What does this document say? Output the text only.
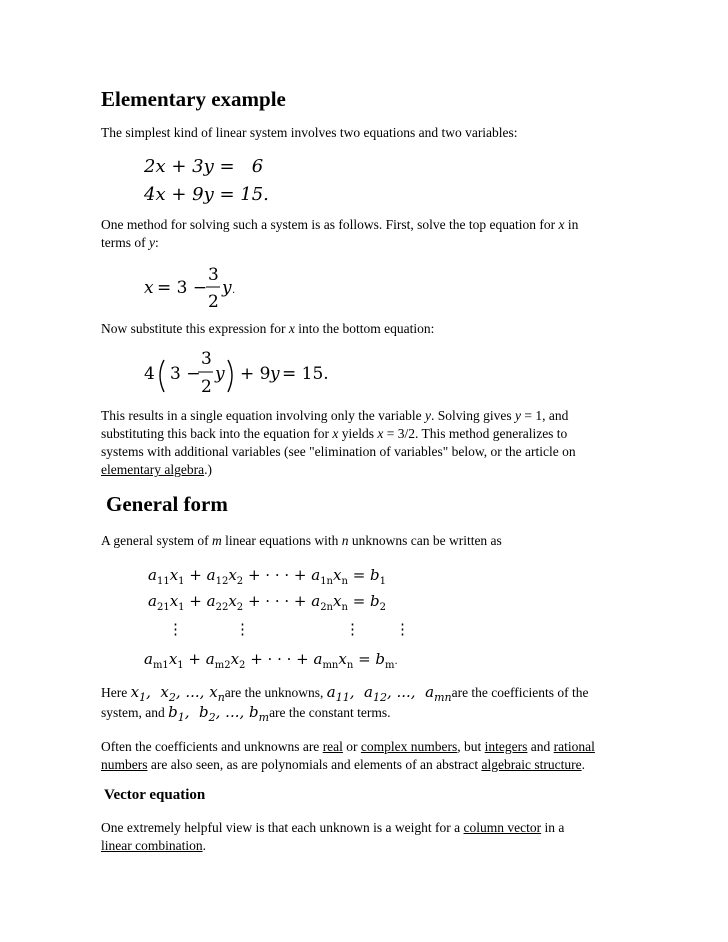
Elementary example
The simplest kind of linear system involves two equations and two variables:
2x + 3y =   6
4x + 9y = 15.
One method for solving such a system is as follows. First, solve the top equation for x in
terms of y:
x = 3 −
3
2
y .
Now substitute this expression for x into the bottom equation:
4 3 −
3
2
y + 9 y = 15.
This results in a single equation involving only the variable y. Solving gives y = 1, and
substituting this back into the equation for x yields x = 3/2. This method generalizes to
systems with additional variables (see "elimination of variables" below, or the article on
elementary algebra.)
General form
A general system of m linear equations with n unknowns can be written as
$a_{11}x_1 + a_{12}x_2$ + · · · + $a_{1n}x_n = b_1$
$a_{21}x_1 + a_{22}x_2$ + · · · + $a_{2n}x_n = b_2$
⋮	⋮	⋮ ⋮
$a_{m1}x_1 + a_{m2}x_2$ + · · · + $a_{mn}x_n = b_m^.$
Here $x_1$,  $x_2$, ..., $x_nare$ the unknowns, $a_{11}$,  $a_{12}$, ...,  $a_{mn}are$ the coefficients of the
system, and $b_1$,  $b_2$, ..., $b_mare$ the constant terms.
Often the coefficients and unknowns are real or complex numbers, but integers and rational
numbers are also seen, as are polynomials and elements of an abstract algebraic structure.
Vector equation
One extremely helpful view is that each unknown is a weight for a column vector in a
linear combination.
